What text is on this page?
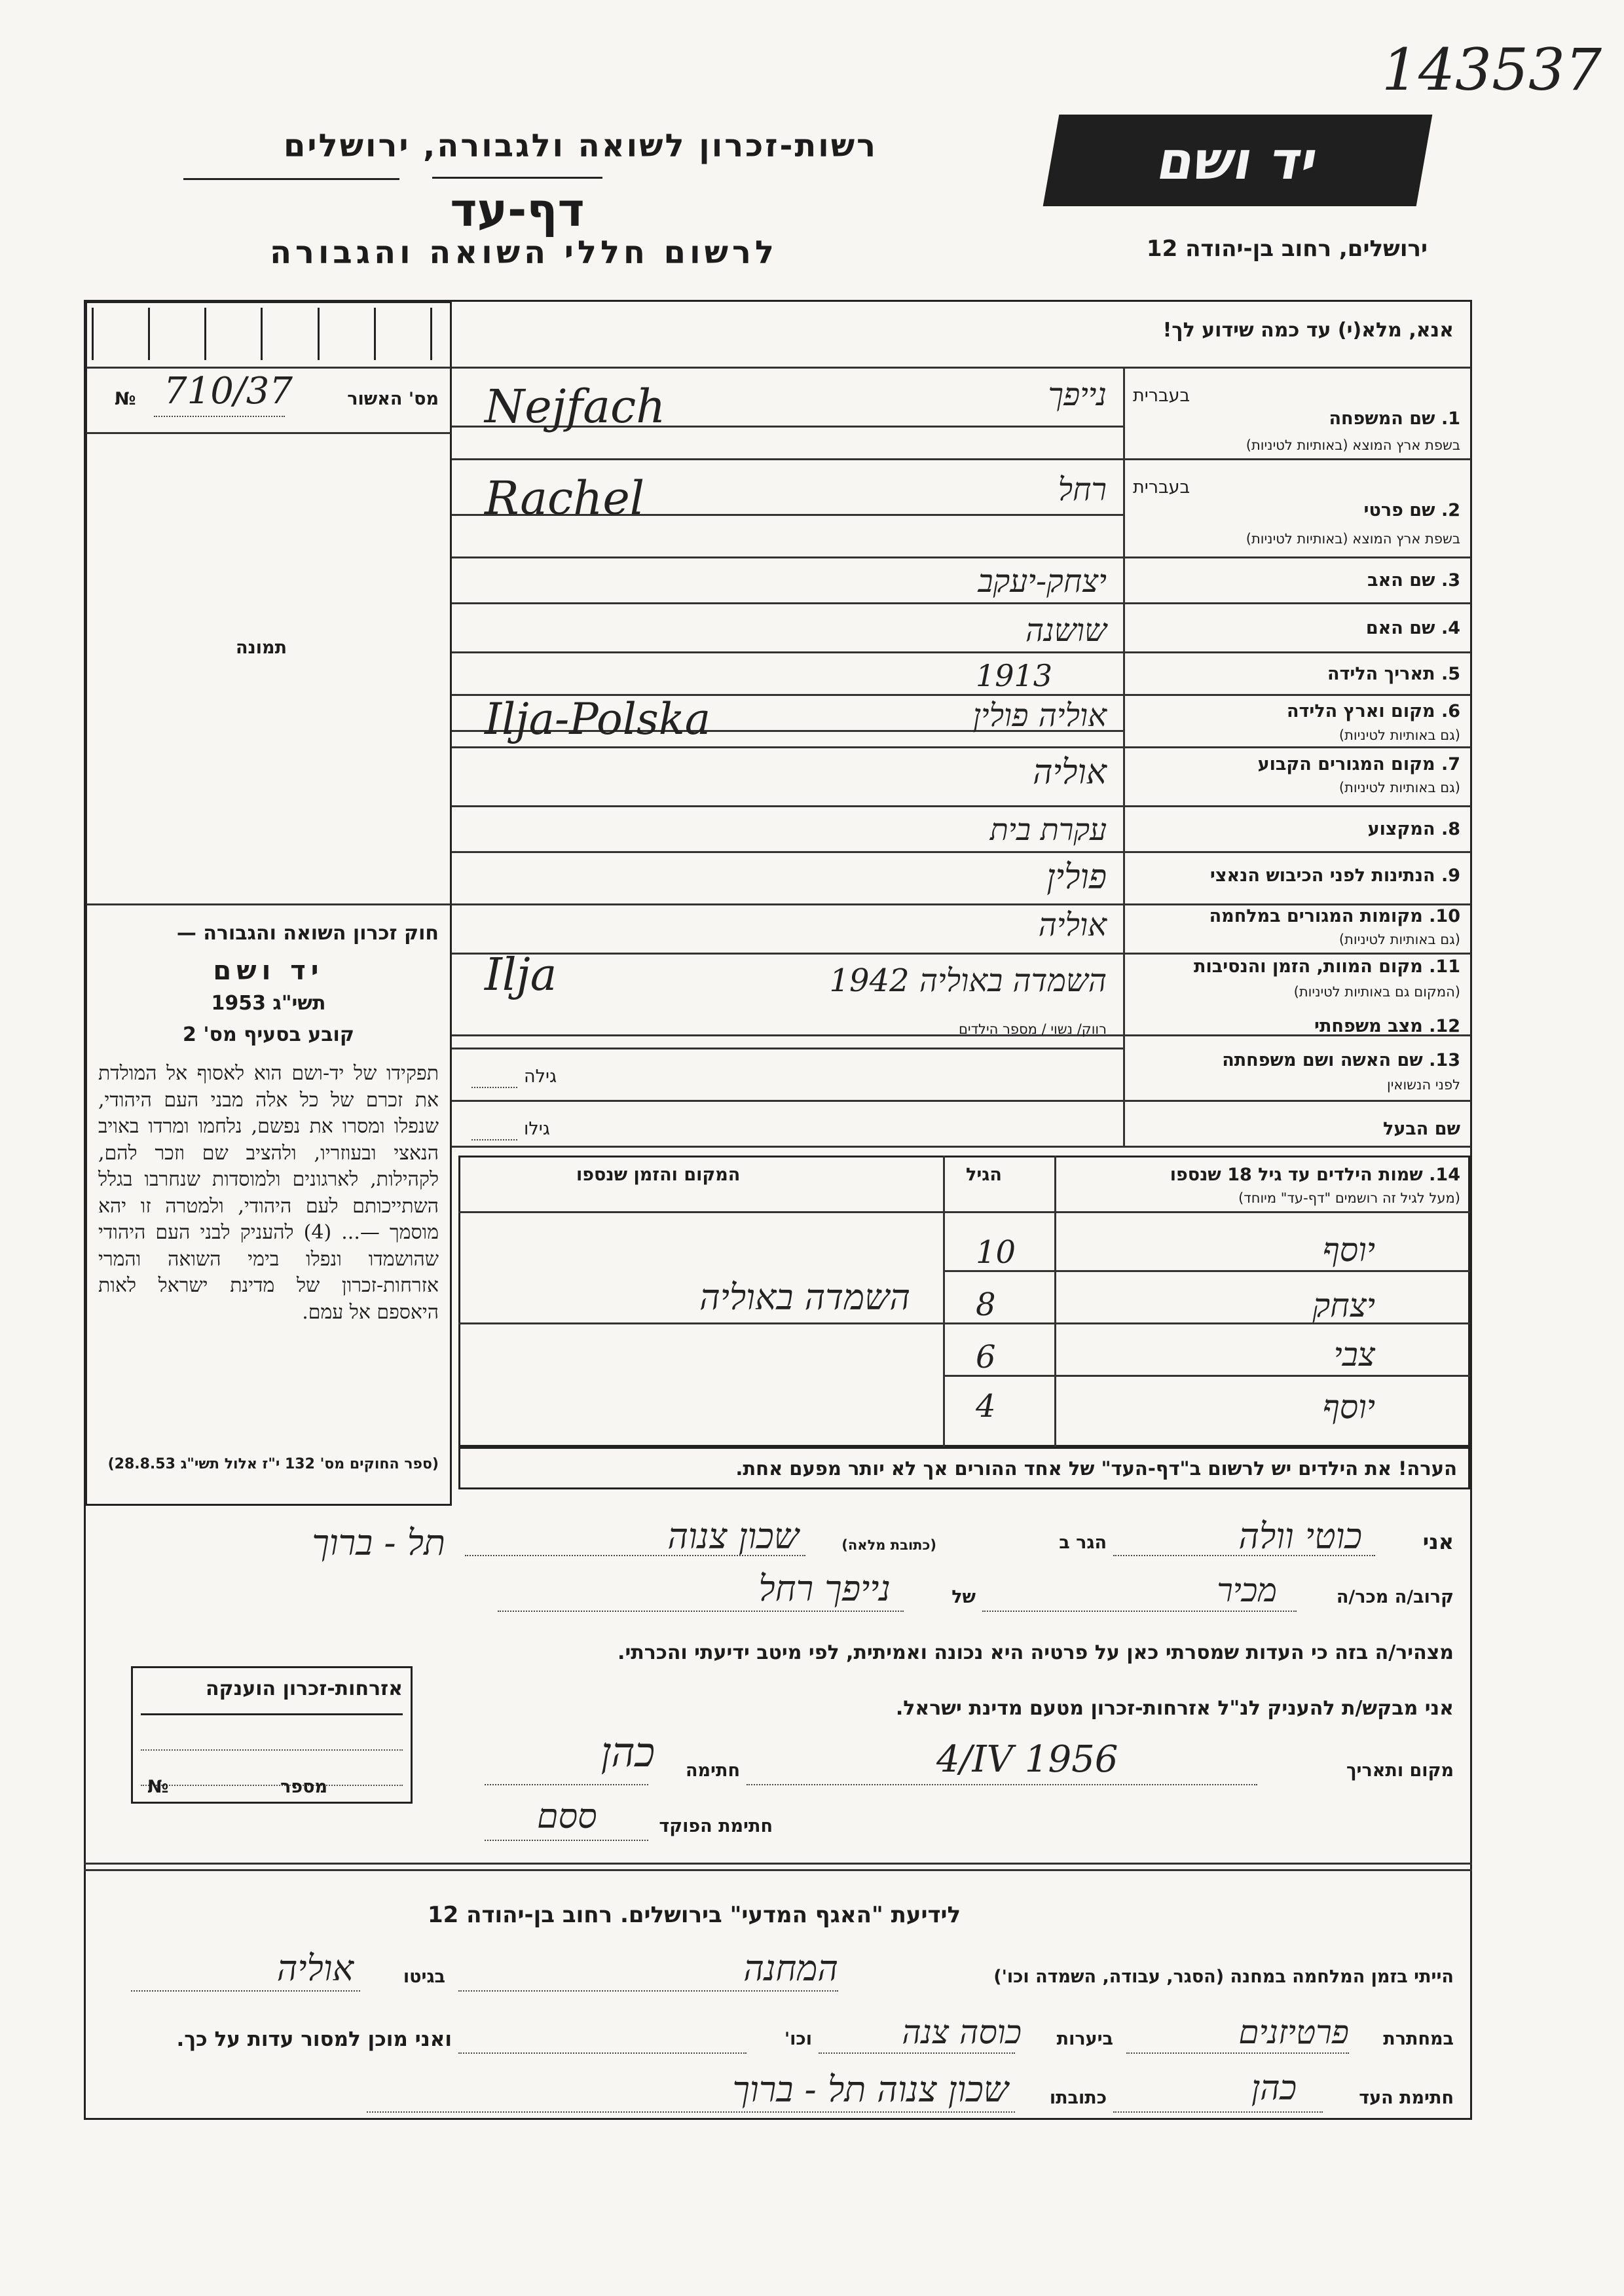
143537
רשות-זכרון לשואה ולגבורה, ירושלים
דף-עד
לרשום חללי השואה והגבורה
יד ושם
ירושלים, רחוב בן-יהודה 12
מס' האשור
710/37
№
תמונה
חוק זכרון השואה והגבורה —
יד ושם
תשי"ג 1953
קובע בסעיף מס' 2
תפקידו של יד-ושם הוא לאסוף אל המולדת את זכרם של כל אלה מבני העם היהודי, שנפלו ומסרו את נפשם, נלחמו ומרדו באויב הנאצי ובעוזריו, ולהציב שם וזכר להם, לקהילות, לארגונים ולמוסדות שנחרבו בגלל השתייכותם לעם היהודי, ולמטרה זו יהא מוסמך —... (4) להעניק לבני העם היהודי שהושמדו ונפלו בימי השואה והמרי אזרחות-זכרון של מדינת ישראל לאות היאספם אל עמם.
(ספר החוקים מס' 132 י"ז אלול תשי"ג 28.8.53)
אנא, מלא(י) עד כמה שידוע לך!
בעברית
1. שם המשפחה
בשפת ארץ המוצא (באותיות לטיניות)
נייפך
Nejfach
בעברית
2. שם פרטי
בשפת ארץ המוצא (באותיות לטיניות)
רחל
Rachel
3. שם האב
יצחק-יעקב
4. שם האם
שושנה
5. תאריך הלידה
1913
6. מקום וארץ הלידה
(גם באותיות לטיניות)
אוליה פולין
Ilja-Polska
7. מקום המגורים הקבוע
(גם באותיות לטיניות)
אוליה
8. המקצוע
עקרת בית
9. הנתינות לפני הכיבוש הנאצי
פולין
10. מקומות המגורים במלחמה
(גם באותיות לטיניות)
אוליה
11. מקום המוות, הזמן והנסיבות
(המקום גם באותיות לטיניות)
השמדה באוליה 1942
Ilja
12. מצב משפחתי
רווק/ נשוי / מספר הילדים
13. שם האשה ושם משפחתה
לפני הנשואין
גילה
שם הבעל
גילו
14. שמות הילדים עד גיל 18 שנספו
(מעל לגיל זה רושמים "דף-עד" מיוחד)
הגיל
המקום והזמן שנספו
השמדה באוליה
יוסף
10
יצחק
8
צבי
6
יוסף
4
הערה! את הילדים יש לרשום ב"דף-העד" של אחד ההורים אך לא יותר מפעם אחת.
אני
כוטי וולה
הגר ב
(כתובת מלאה)
שכון צנוה
תל - ברוך
קרוב/ה מכר/ה
מכיר
של
נייפך רחל
מצהיר/ה בזה כי העדות שמסרתי כאן על פרטיה היא נכונה ואמיתית, לפי מיטב ידיעתי והכרתי.
אני מבקש/ת להעניק לנ"ל אזרחות-זכרון מטעם מדינת ישראל.
מקום ותאריך
4/IV 1956
חתימה
כהן
חתימת הפוקד
ססם
אזרחות-זכרון הוענקה
מספר
№
לידיעת "האגף המדעי" בירושלים. רחוב בן-יהודה 12
הייתי בזמן המלחמה במחנה (הסגר, עבודה, השמדה וכו')
המחנה
בגיטו
אוליה
במחתרת
פרטיזנים
ביערות
כוסה צנה
וכו'
ואני מוכן למסור עדות על כך.
חתימת העד
כהן
כתובתו
שכון צנוה תל - ברוך
